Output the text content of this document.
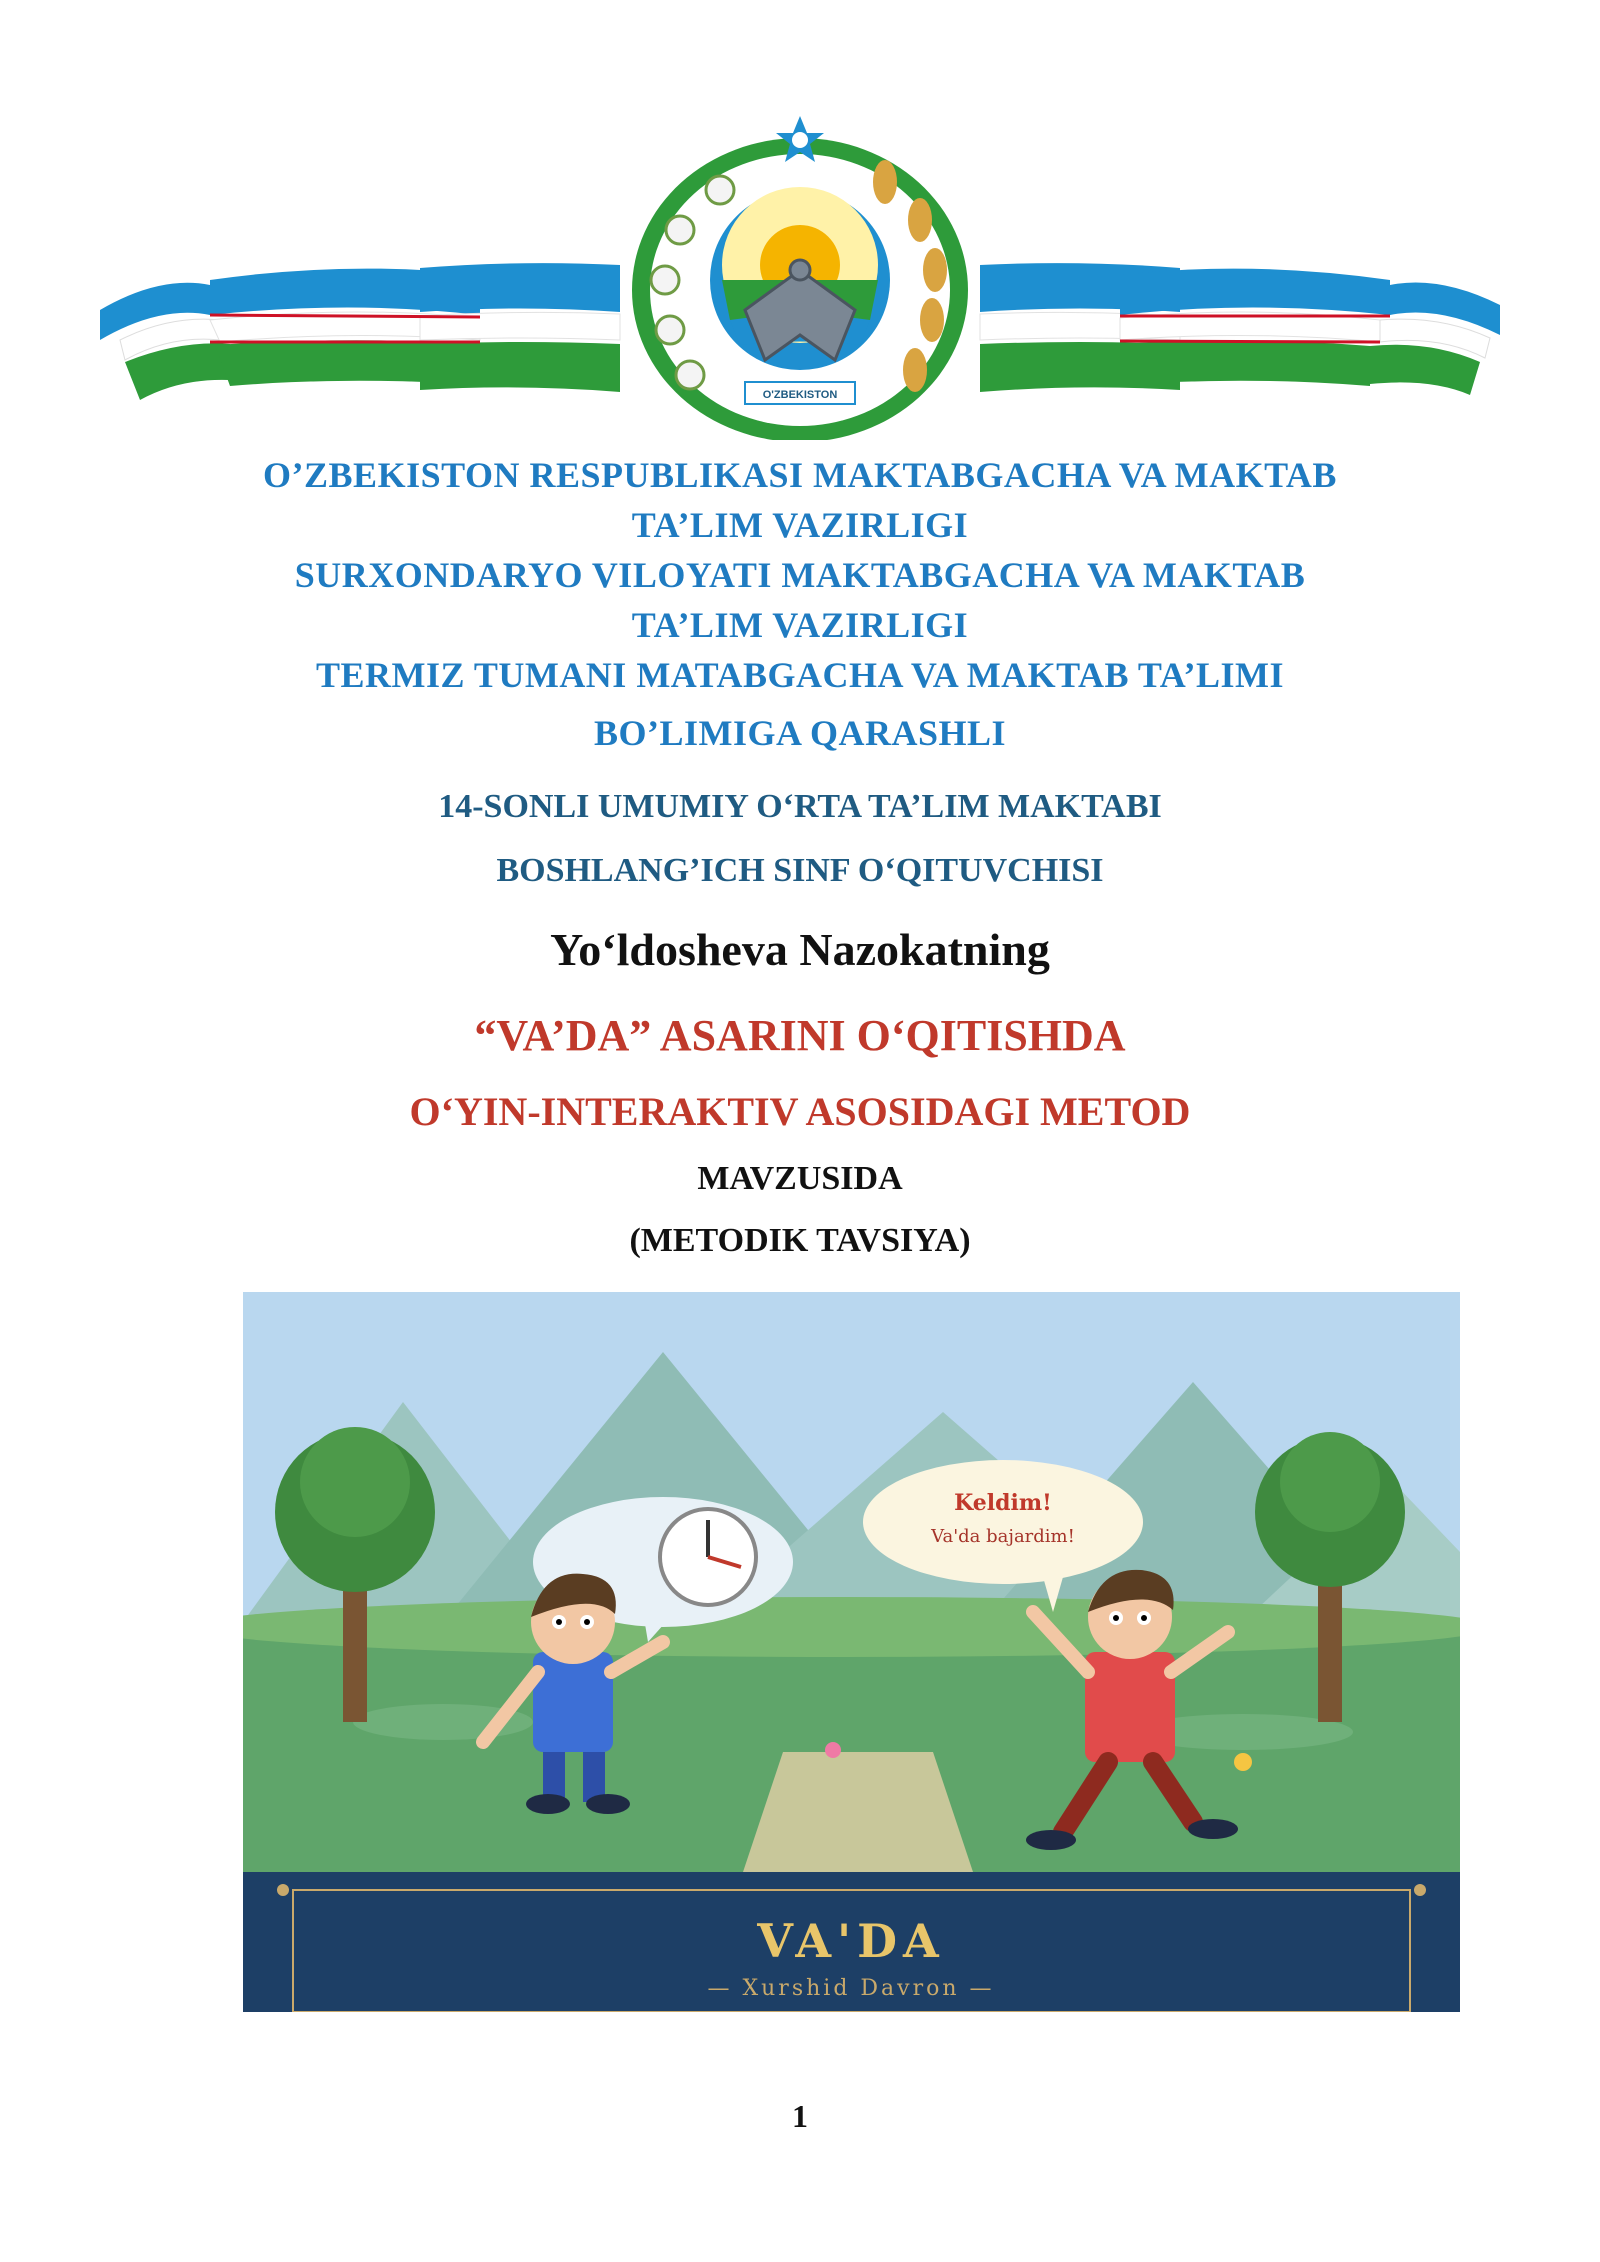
O'ZBEKISTON
O’ZBEKISTON RESPUBLIKASI MAKTABGACHA VA MAKTAB
TA’LIM VAZIRLIGI
SURXONDARYO VILOYATI MAKTABGACHA VA MAKTAB
TA’LIM VAZIRLIGI
TERMIZ TUMANI MATABGACHA VA MAKTAB TA’LIMI
BO’LIMIGA QARASHLI
14-SONLI UMUMIY O‘RTA TA’LIM MAKTABI
BOSHLANG’ICH SINF O‘QITUVCHISI
Yo‘ldosheva Nazokatning
“VA’DA” ASARINI O‘QITISHDA
O‘YIN-INTERAKTIV ASOSIDAGI METOD
MAVZUSIDA
(METODIK TAVSIYA)
Keldim!
Va'da bajardim!
VA'DA
— Xurshid Davron —
1
